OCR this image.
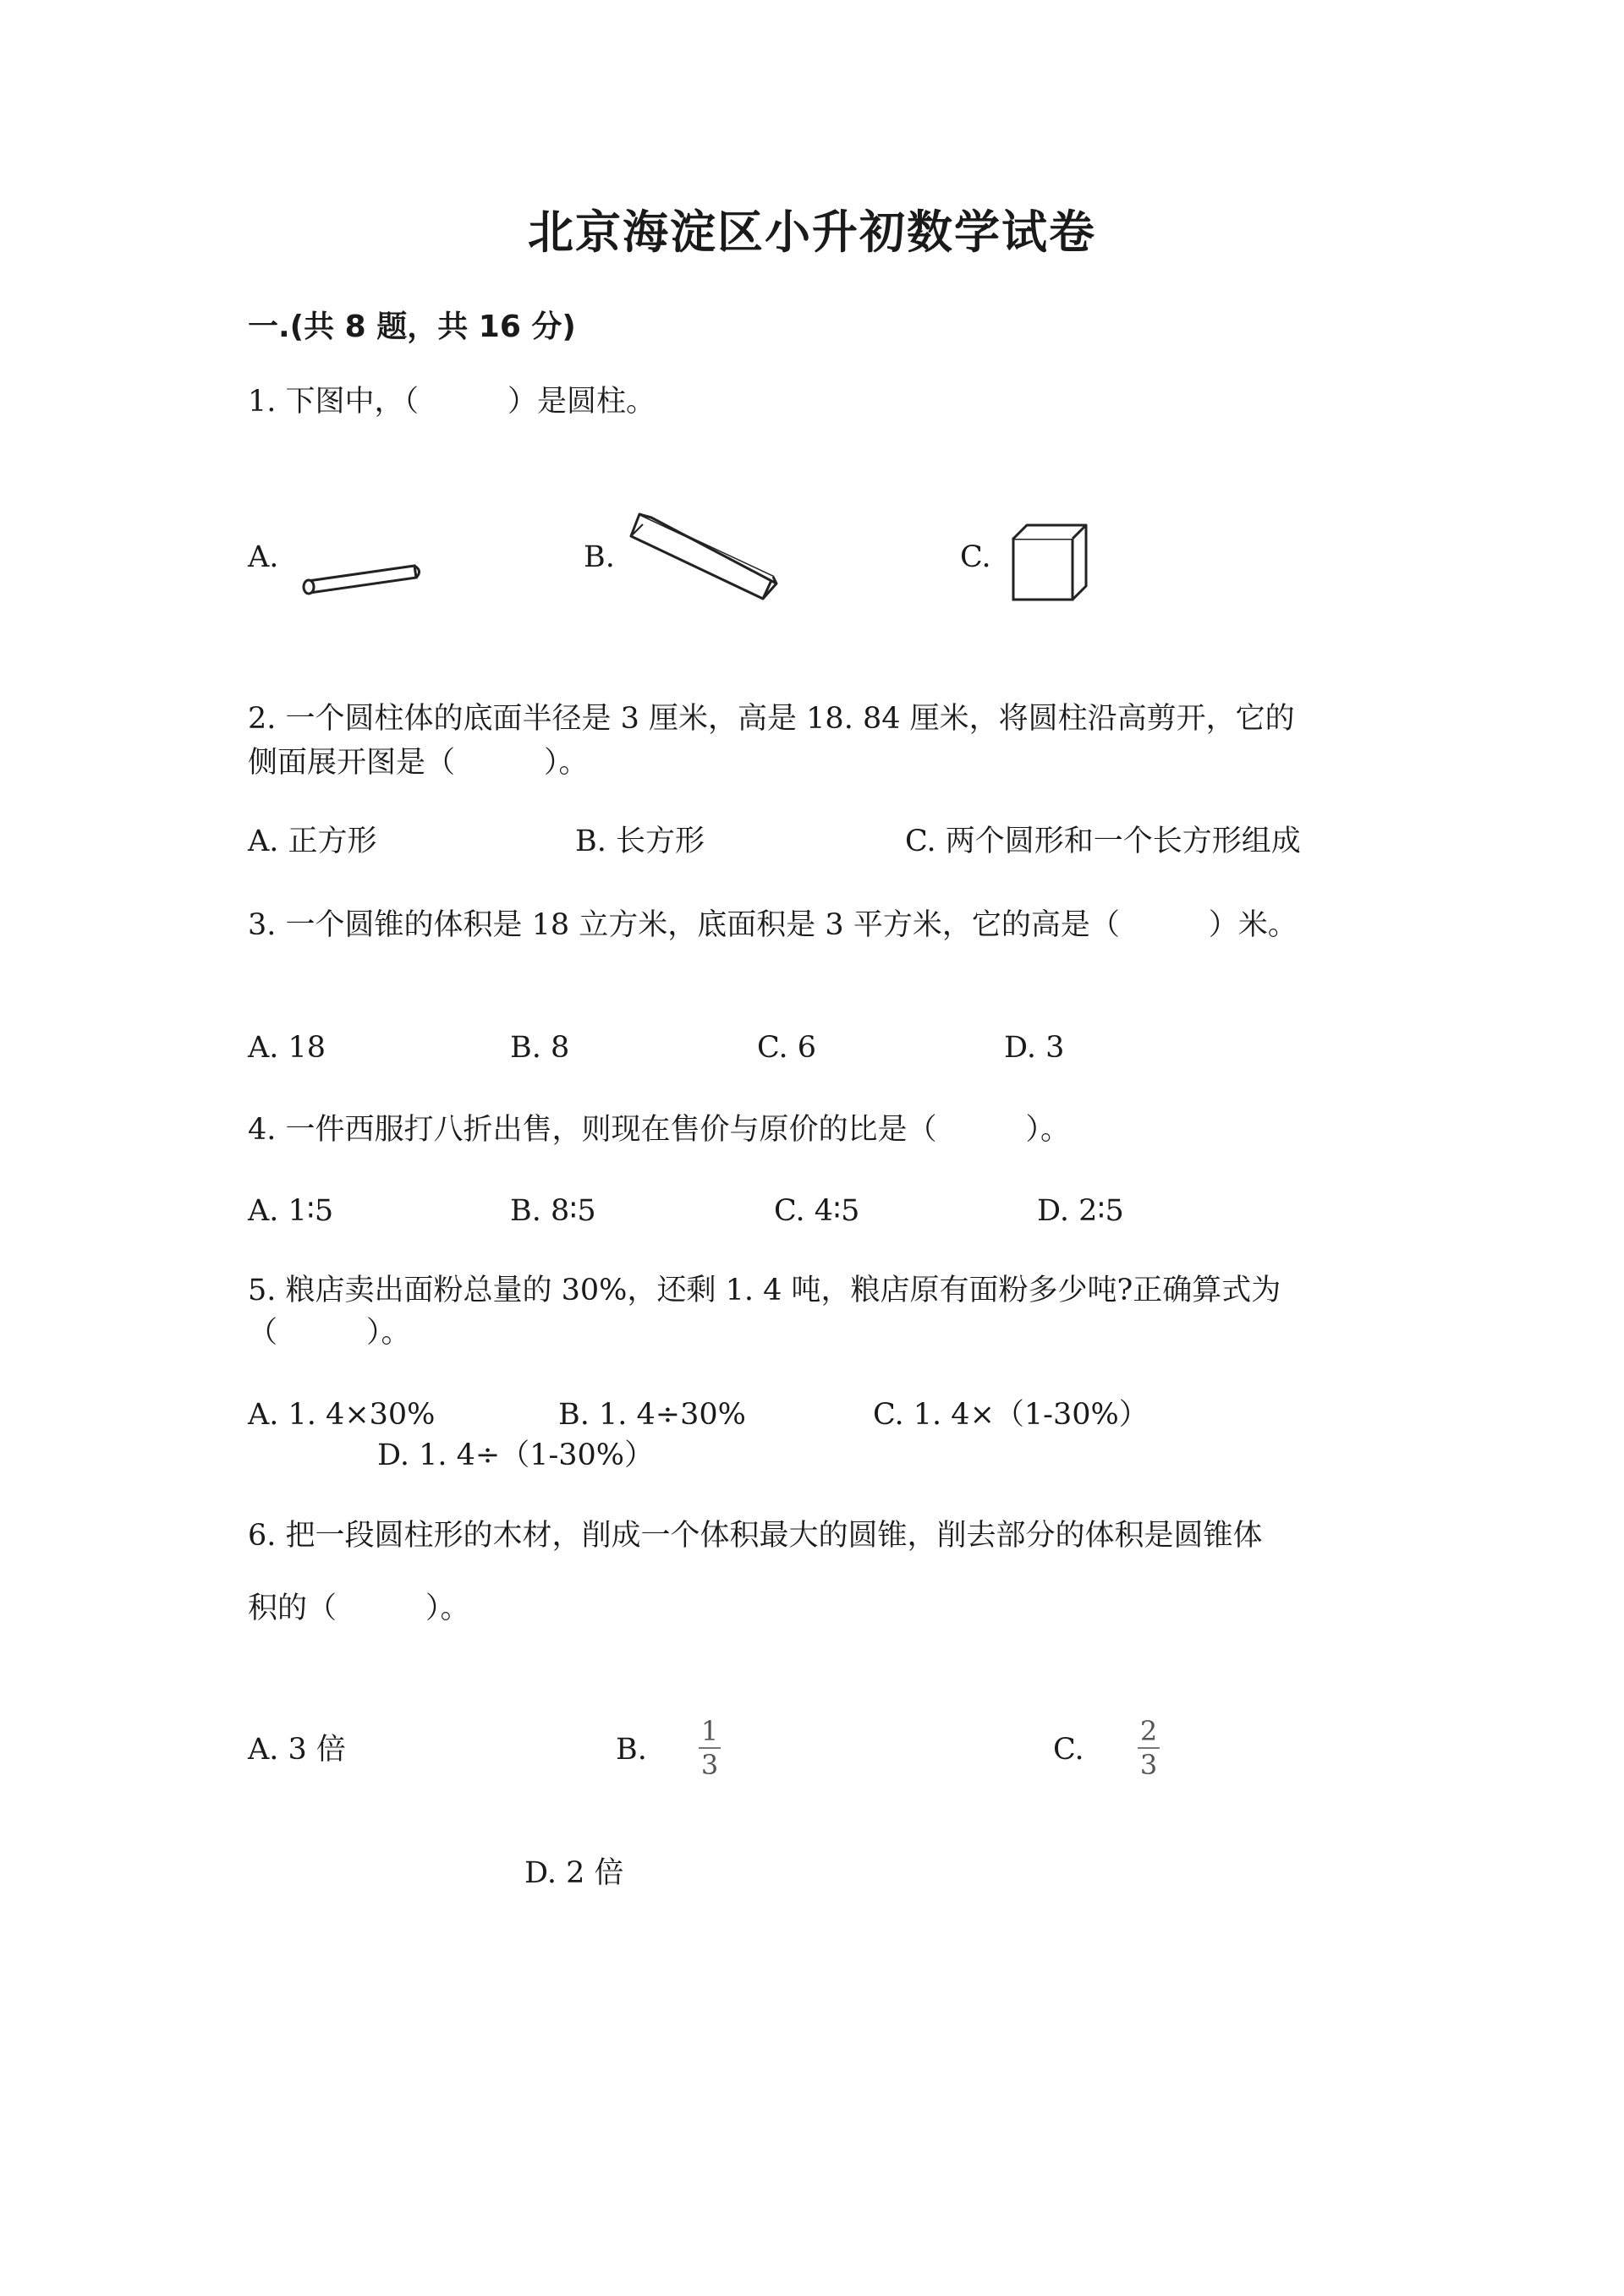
北京海淀区小升初数学试卷
一.(共 8 题，共 16 分)
1. 下图中，（　　　）是圆柱。
A.	B.	C.
2. 一个圆柱体的底面半径是 3 厘米，高是 18. 84 厘米，将圆柱沿高剪开，它的
侧面展开图是（　　　）。
A. 正方形	B. 长方形	C. 两个圆形和一个长方形组成
3. 一个圆锥的体积是 18 立方米，底面积是 3 平方米，它的高是（　　　）米。
A. 18	B. 8	C. 6	D. 3
4. 一件西服打八折出售，则现在售价与原价的比是（　　　）。
A. 1∶5	B. 8∶5	C. 4∶5	D. 2∶5
5. 粮店卖出面粉总量的 30%，还剩 1. 4 吨，粮店原有面粉多少吨?正确算式为
（　　　）。
A. 1. 4×30%	B. 1. 4÷30%	C. 1. 4×（1-30%）
D. 1. 4÷（1-30%）
6. 把一段圆柱形的木材，削成一个体积最大的圆锥，削去部分的体积是圆锥体
积的（　　　）。
A. 3 倍	B.
1
3	C.
2
3
D. 2 倍
